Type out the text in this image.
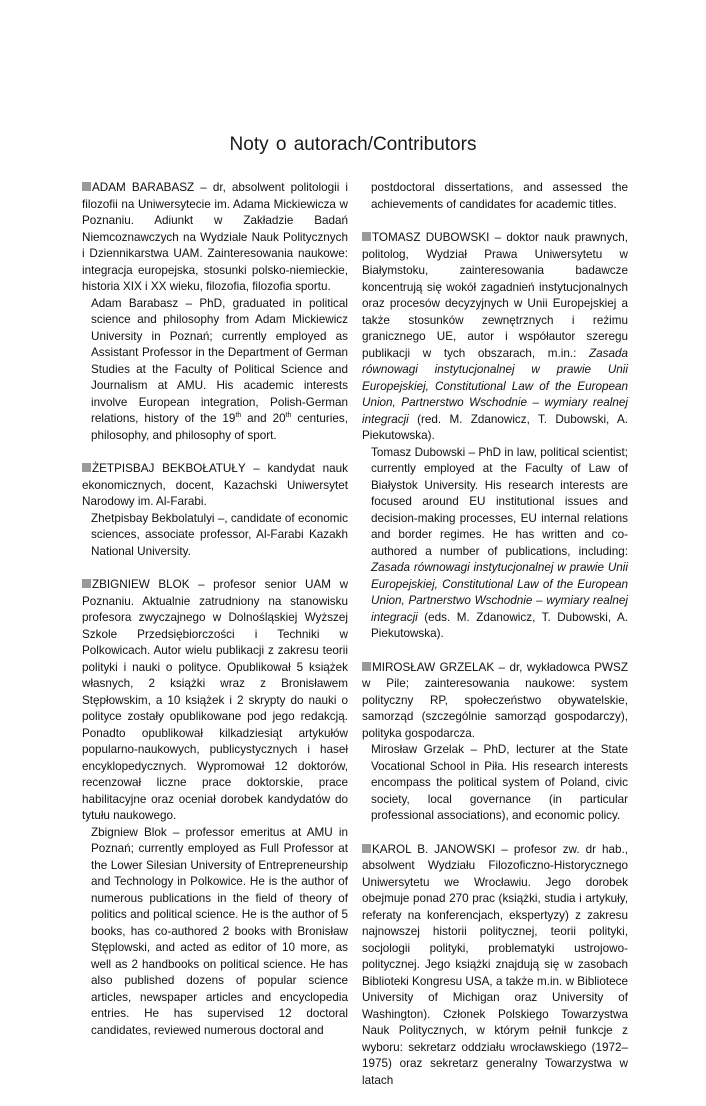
Noty o autorach/Contributors

ADAM BARABASZ – dr, absolwent politologii i filozofii na Uniwersytecie im. Adama Mickiewicza w Poznaniu. Adiunkt w Zakładzie Badań Niemcoznawczych na Wydziale Nauk Politycznych i Dziennikarstwa UAM. Zainteresowania naukowe: integracja europejska, stosunki polsko-niemieckie, historia XIX i XX wieku, filozofia, filozofia sportu.

Adam Barabasz – PhD, graduated in political science and philosophy from Adam Mickiewicz University in Poznań; currently employed as Assistant Professor in the Department of German Studies at the Faculty of Political Science and Journalism at AMU. His academic interests involve European integration, Polish-German relations, history of the 19th and 20th centuries, philosophy, and philosophy of sport.

ŻETPISBAJ BEKBOŁATUŁY – kandydat nauk ekonomicznych, docent, Kazachski Uniwersytet Narodowy im. Al-Farabi.

Zhetpisbay Bekbolatulyi –, candidate of economic sciences, associate professor, Al-Farabi Kazakh National University.

ZBIGNIEW BLOK – profesor senior UAM w Poznaniu. Aktualnie zatrudniony na stanowisku profesora zwyczajnego w Dolnośląskiej Wyższej Szkole Przedsiębiorczości i Techniki w Polkowicach. Autor wielu publikacji z zakresu teorii polityki i nauki o polityce. Opublikował 5 książek własnych, 2 książki wraz z Bronisławem Stępłowskim, a 10 książek i 2 skrypty do nauki o polityce zostały opublikowane pod jego redakcją. Ponadto opublikował kilkadziesiąt artykułów popularno-naukowych, publicystycznych i haseł encyklopedycznych. Wypromował 12 doktorów, recenzował liczne prace doktorskie, prace habilitacyjne oraz oceniał dorobek kandydatów do tytułu naukowego.

Zbigniew Blok – professor emeritus at AMU in Poznań; currently employed as Full Professor at the Lower Silesian University of Entrepreneurship and Technology in Polkowice. He is the author of numerous publications in the field of theory of politics and political science. He is the author of 5 books, has co-authored 2 books with Bronisław Stęplowski, and acted as editor of 10 more, as well as 2 handbooks on political science. He has also published dozens of popular science articles, newspaper articles and encyclopedia entries. He has supervised 12 doctoral candidates, reviewed numerous doctoral and

postdoctoral dissertations, and assessed the achievements of candidates for academic titles.

TOMASZ DUBOWSKI – doktor nauk prawnych, politolog, Wydział Prawa Uniwersytetu w Białymstoku, zainteresowania badawcze koncentrują się wokół zagadnień instytucjonalnych oraz procesów decyzyjnych w Unii Europejskiej a także stosunków zewnętrznych i reżimu granicznego UE, autor i współautor szeregu publikacji w tych obszarach, m.in.: Zasada równowagi instytucjonalnej w prawie Unii Europejskiej, Constitutional Law of the European Union, Partnerstwo Wschodnie – wymiary realnej integracji (red. M. Zdanowicz, T. Dubowski, A. Piekutowska).

Tomasz Dubowski – PhD in law, political scientist; currently employed at the Faculty of Law of Białystok University. His research interests are focused around EU institutional issues and decision-making processes, EU internal relations and border regimes. He has written and co-authored a number of publications, including: Zasada równowagi instytucjonalnej w prawie Unii Europejskiej, Constitutional Law of the European Union, Partnerstwo Wschodnie – wymiary realnej integracji (eds. M. Zdanowicz, T. Dubowski, A. Piekutowska).

MIROSŁAW GRZELAK – dr, wykładowca PWSZ w Pile; zainteresowania naukowe: system polityczny RP, społeczeństwo obywatelskie, samorząd (szczególnie samorząd gospodarczy), polityka gospodarcza.

Mirosław Grzelak – PhD, lecturer at the State Vocational School in Piła. His research interests encompass the political system of Poland, civic society, local governance (in particular professional associations), and economic policy.

KAROL B. JANOWSKI – profesor zw. dr hab., absolwent Wydziału Filozoficzno-Historycznego Uniwersytetu we Wrocławiu. Jego dorobek obejmuje ponad 270 prac (książki, studia i artykuły, referaty na konferencjach, ekspertyzy) z zakresu najnowszej historii politycznej, teorii polityki, socjologii polityki, problematyki ustrojowo-politycznej. Jego książki znajdują się w zasobach Biblioteki Kongresu USA, a także m.in. w Bibliotece University of Michigan oraz University of Washington). Członek Polskiego Towarzystwa Nauk Politycznych, w którym pełnił funkcje z wyboru: sekretarz oddziału wrocławskiego (1972–1975) oraz sekretarz generalny Towarzystwa w latach
